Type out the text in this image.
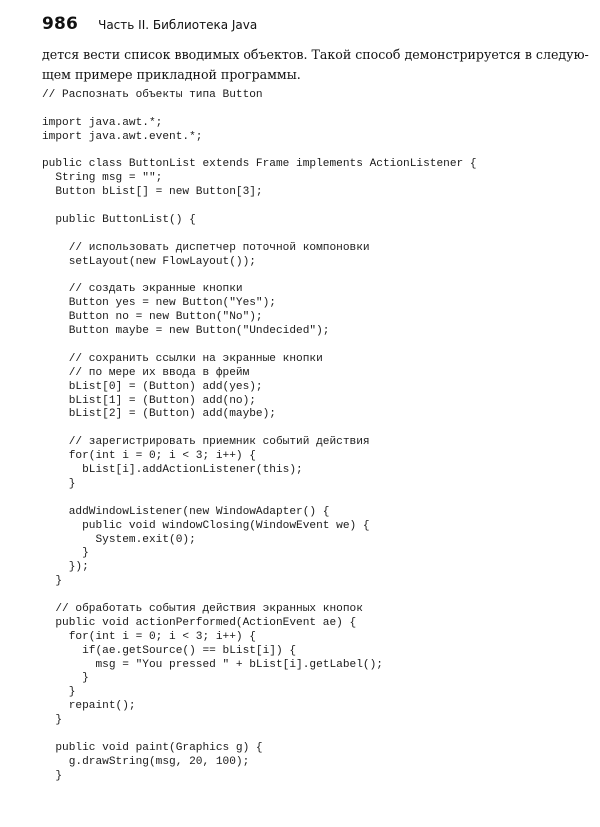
986 Часть II. Библиотека Java
дется вести список вводимых объектов. Такой способ демонстрируется в следую-
щем примере прикладной программы.
// Распознать объекты типа Button
import java.awt.*;
import java.awt.event.*;
public class ButtonList extends Frame implements ActionListener {
String msg = "";
Button bList[] = new Button[3];
public ButtonList() {
// использовать диспетчер поточной компоновки
setLayout(new FlowLayout());
// создать экранные кнопки
Button yes = new Button("Yes");
Button no = new Button("No");
Button maybe = new Button("Undecided");
// сохранить ссылки на экранные кнопки
// по мере их ввода в фрейм
bList[0] = (Button) add(yes);
bList[1] = (Button) add(no);
bList[2] = (Button) add(maybe);
// зарегистрировать приемник событий действия
for(int i = 0; i < 3; i++) {
bList[i].addActionListener(this);
}
addWindowListener(new WindowAdapter() {
public void windowClosing(WindowEvent we) {
System.exit(0);
}
});
}
// обработать события действия экранных кнопок
public void actionPerformed(ActionEvent ae) {
for(int i = 0; i < 3; i++) {
if(ae.getSource() == bList[i]) {
msg = "You pressed " + bList[i].getLabel();
}
}
repaint();
}
public void paint(Graphics g) {
g.drawString(msg, 20, 100);
}
